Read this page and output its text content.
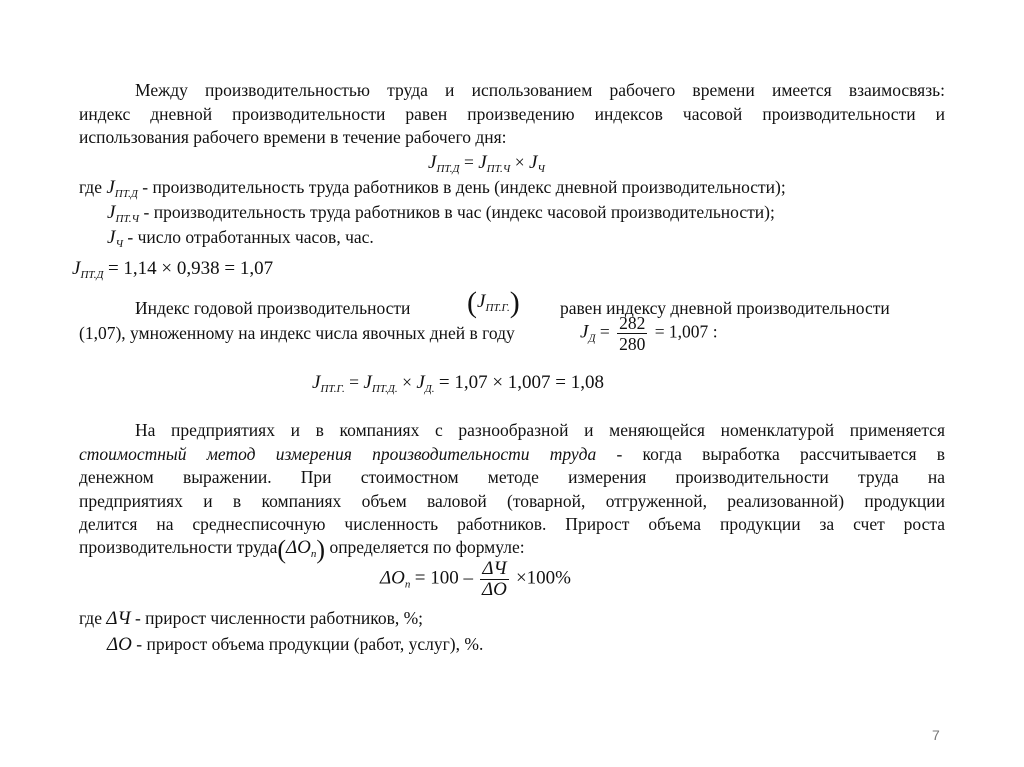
Между производительностью труда и использованием рабочего времени имеется взаимосвязь:
индекс дневной производительности равен произведению индексов часовой производительности и
использования рабочего времени в течение рабочего дня:
$J_{ПТ.Д} = J_{ПТ.Ч} \times J_Ч$
где $J_{ПТ.Д}$ - производительность труда работников в день (индекс дневной производительности);
$J_{ПТ.Ч}$ - производительность труда работников в час (индекс часовой производительности);
$J_Ч$ - число отработанных часов, час.
$J_{ПТ.Д} = 1,14 \times 0,938 = 1,07$
Индекс годовой производительности $(J_{ПТ.Г.})$ равен индексу дневной производительности
(1,07), умноженному на индекс числа явочных дней в году	$J_Д = \frac{282}{280} = 1,007$ :
$J_{ПТ.Г.} = J_{ПТ.Д.} \times J_{Д.} = 1,07 \times 1,007 = 1,08$
На предприятиях и в компаниях с разнообразной и меняющейся номенклатурой применяется
стоимостный метод измерения производительности труда - когда выработка рассчитывается в
денежном выражении. При стоимостном методе измерения производительности труда на
предприятиях и в компаниях объем валовой (товарной, отгруженной, реализованной) продукции
делится на среднесписочную численность работников. Прирост объема продукции за счет роста
производительности $труда(\Delta O_n)$ определяется по формуле:
$\Delta O_n = 100 - \frac{\Delta Ч}{\Delta O} \times 100\%$
где ΔЧ - прирост численности работников, %;
ΔO - прирост объема продукции (работ, услуг), %.
7
